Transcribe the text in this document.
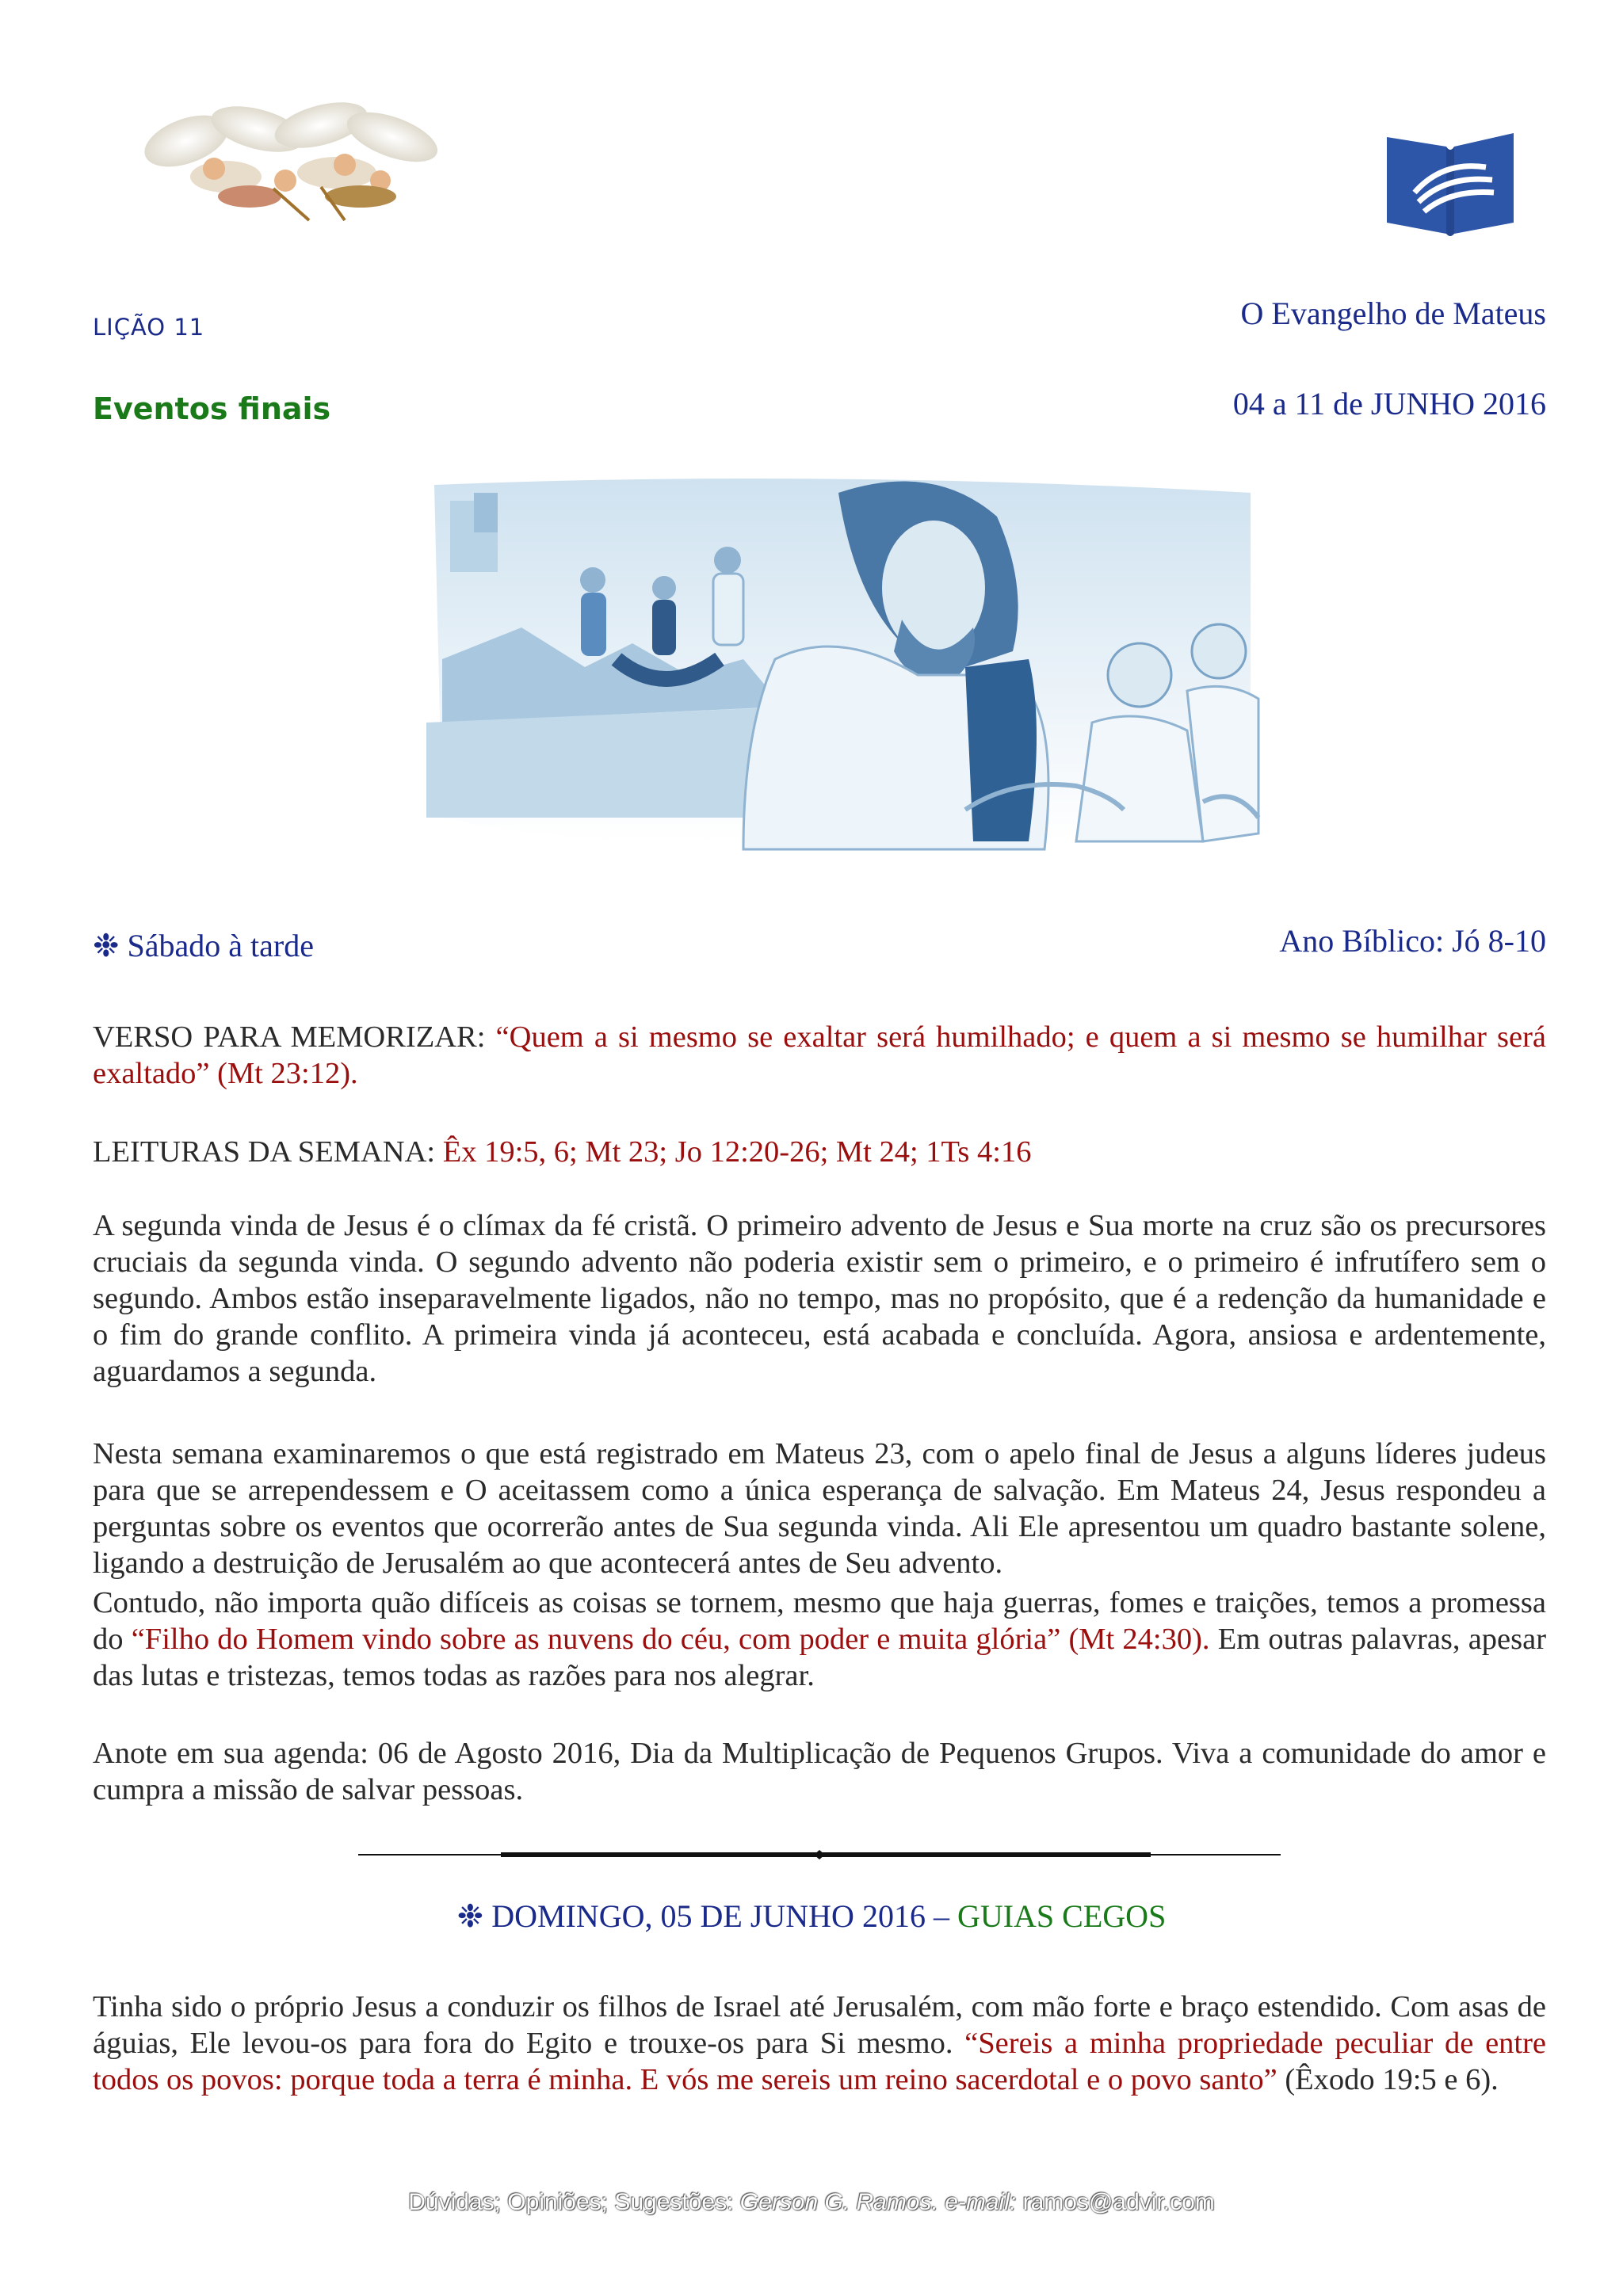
LIÇÃO 11
Eventos finais
O Evangelho de Mateus
04 a 11 de JUNHO 2016
❉ Sábado à tarde	Ano Bíblico: Jó 8-10
VERSO PARA MEMORIZAR: “Quem a si mesmo se exaltar será humilhado; e quem a si mesmo se humilhar será exaltado” (Mt 23:12).
LEITURAS DA SEMANA: Êx 19:5, 6; Mt 23; Jo 12:20-26; Mt 24; 1Ts 4:16
A segunda vinda de Jesus é o clímax da fé cristã. O primeiro advento de Jesus e Sua morte na cruz são os precursores cruciais da segunda vinda. O segundo advento não poderia existir sem o primeiro, e o primeiro é infrutífero sem o segundo. Ambos estão inseparavelmente ligados, não no tempo, mas no propósito, que é a redenção da humanidade e o fim do grande conflito. A primeira vinda já aconteceu, está acabada e concluída. Agora, ansiosa e ardentemente, aguardamos a segunda.
Nesta semana examinaremos o que está registrado em Mateus 23, com o apelo final de Jesus a alguns líderes judeus para que se arrependessem e O aceitassem como a única esperança de salvação. Em Mateus 24, Jesus respondeu a perguntas sobre os eventos que ocorrerão antes de Sua segunda vinda. Ali Ele apresentou um quadro bastante solene, ligando a destruição de Jerusalém ao que acontecerá antes de Seu advento.
Contudo, não importa quão difíceis as coisas se tornem, mesmo que haja guerras, fomes e traições, temos a promessa do “Filho do Homem vindo sobre as nuvens do céu, com poder e muita glória” (Mt 24:30). Em outras palavras, apesar das lutas e tristezas, temos todas as razões para nos alegrar.
Anote em sua agenda: 06 de Agosto 2016, Dia da Multiplicação de Pequenos Grupos. Viva a comunidade do amor e cumpra a missão de salvar pessoas.
❉ DOMINGO, 05 DE JUNHO 2016 – GUIAS CEGOS
Tinha sido o próprio Jesus a conduzir os filhos de Israel até Jerusalém, com mão forte e braço estendido. Com asas de águias, Ele levou-os para fora do Egito e trouxe-os para Si mesmo. “Sereis a minha propriedade peculiar de entre todos os povos: porque toda a terra é minha. E vós me sereis um reino sacerdotal e o povo santo” (Êxodo 19:5 e 6).
Dúvidas; Opiniões; Sugestões: Gerson G. Ramos. e-mail: ramos@advir.com
